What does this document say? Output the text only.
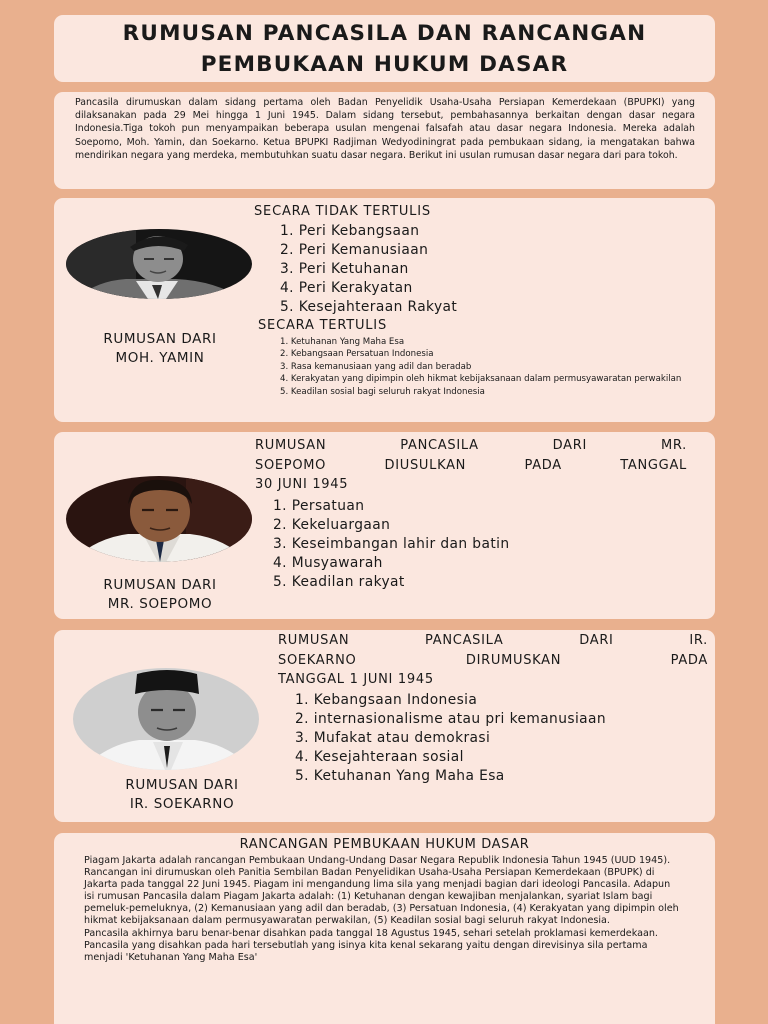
RUMUSAN PANCASILA DAN RANCANGAN
PEMBUKAAN HUKUM DASAR

Pancasila dirumuskan dalam sidang pertama oleh Badan Penyelidik Usaha-Usaha Persiapan Kemerdekaan (BPUPKI) yang dilaksanakan pada 29 Mei hingga 1 Juni 1945. Dalam sidang tersebut, pembahasannya berkaitan dengan dasar negara Indonesia.Tiga tokoh pun menyampaikan beberapa usulan mengenai falsafah atau dasar negara Indonesia. Mereka adalah Soepomo, Moh. Yamin, dan Soekarno. Ketua BPUPKI Radjiman Wedyodiningrat pada pembukaan sidang, ia mengatakan bahwa mendirikan negara yang merdeka, membutuhkan suatu dasar negara. Berikut ini usulan rumusan dasar negara dari para tokoh.

RUMUSAN DARI
MOH. YAMIN
SECARA TIDAK TERTULIS
1. Peri Kebangsaan
2. Peri Kemanusiaan
3. Peri Ketuhanan
4. Peri Kerakyatan
5. Kesejahteraan Rakyat
SECARA TERTULIS
1. Ketuhanan Yang Maha Esa
2. Kebangsaan Persatuan Indonesia
3. Rasa kemanusiaan yang adil dan beradab
4. Kerakyatan yang dipimpin oleh hikmat kebijaksanaan dalam permusyawaratan perwakilan
5. Keadilan sosial bagi seluruh rakyat Indonesia
RUMUSAN DARI
MR. SOEPOMO
RUMUSAN PANCASILA DARI MR.
SOEPOMO DIUSULKAN PADA TANGGAL
30 JUNI 1945
1. Persatuan
2. Kekeluargaan
3. Keseimbangan lahir dan batin
4. Musyawarah
5. Keadilan rakyat
RUMUSAN DARI
IR. SOEKARNO
RUMUSAN PANCASILA DARI IR.
SOEKARNO DIRUMUSKAN PADA
TANGGAL 1 JUNI 1945
1. Kebangsaan Indonesia
2. internasionalisme atau pri kemanusiaan
3. Mufakat atau demokrasi
4. Kesejahteraan sosial
5. Ketuhanan Yang Maha Esa
RANCANGAN PEMBUKAAN HUKUM DASAR

Piagam Jakarta adalah rancangan Pembukaan Undang-Undang Dasar Negara Republik Indonesia Tahun 1945 (UUD 1945). Rancangan ini dirumuskan oleh Panitia Sembilan Badan Penyelidikan Usaha-Usaha Persiapan Kemerdekaan (BPUPK) di Jakarta pada tanggal 22 Juni 1945. Piagam ini mengandung lima sila yang menjadi bagian dari ideologi Pancasila. Adapun isi rumusan Pancasila dalam Piagam Jakarta adalah: (1) Ketuhanan dengan kewajiban menjalankan, syariat Islam bagi pemeluk-pemeluknya, (2) Kemanusiaan yang adil dan beradab, (3) Persatuan Indonesia, (4) Kerakyatan yang dipimpin oleh hikmat kebijaksanaan dalam permusyawaratan perwakilan, (5) Keadilan sosial bagi seluruh rakyat Indonesia.

Pancasila akhirnya baru benar-benar disahkan pada tanggal 18 Agustus 1945, sehari setelah proklamasi kemerdekaan. Pancasila yang disahkan pada hari tersebutlah yang isinya kita kenal sekarang yaitu dengan direvisinya sila pertama menjadi 'Ketuhanan Yang Maha Esa'
